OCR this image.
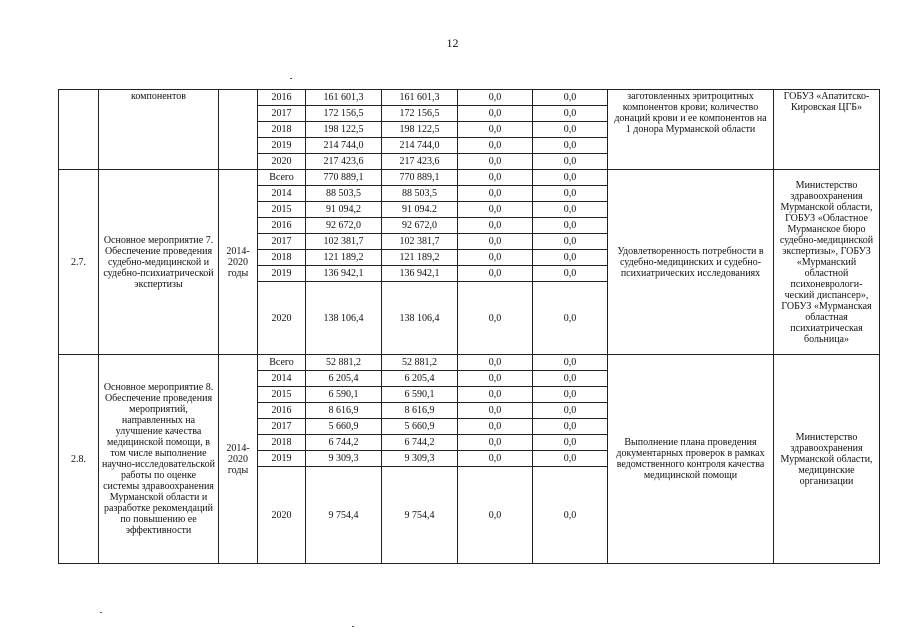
12
	компонентов		2016	161 601,3	161 601,3	0,0	0,0	заготовленных эритроцитных компонентов крови; количество донаций крови и ее компонентов на 1 донора Мурманской области	ГОБУЗ «Апатитско-Кировская ЦГБ»
			2017	172 156,5	172 156,5	0,0	0,0		
			2018	198 122,5	198 122,5	0,0	0,0		
			2019	214 744,0	214 744,0	0,0	0,0		
			2020	217 423,6	217 423,6	0,0	0,0		
2.7.	Основное мероприятие 7. Обеспечение проведения судебно-медицинской и судебно-психиатрической экспертизы	2014-2020 годы	Всего	770 889,1	770 889,1	0,0	0,0	Удовлетворенность потребности в судебно-медицинских и судебно-психиатрических исследованиях	Министерство здравоохранения Мурманской области, ГОБУЗ «Областное Мурманское бюро судебно-медицинской экспертизы», ГОБУЗ «Мурманский областной психоневрологи-ческий диспансер», ГОБУЗ «Мурманская областная психиатрическая больница»
			2014	88 503,5	88 503,5	0,0	0,0		
			2015	91 094,2	91 094.2	0,0	0,0		
			2016	92 672,0	92 672,0	0,0	0,0		
			2017	102 381,7	102 381,7	0,0	0,0		
			2018	121 189,2	121 189,2	0,0	0,0		
			2019	136 942,1	136 942,1	0,0	0,0		
			2020	138 106,4	138 106,4	0,0	0,0		
2.8.	Основное мероприятие 8. Обеспечение проведения мероприятий, направленных на улучшение качества медицинской помощи, в том числе выполнение научно-исследовательской работы по оценке системы здравоохранения Мурманской области и разработке рекомендаций по повышению ее эффективности	2014-2020 годы	Всего	52 881,2	52 881,2	0,0	0,0	Выполнение плана проведения документарных проверок в рамках ведомственного контроля качества медицинской помощи	Министерство здравоохранения Мурманской области, медицинские организации
			2014	6 205,4	6 205,4	0,0	0,0		
			2015	6 590,1	6 590,1	0,0	0,0		
			2016	8 616,9	8 616,9	0,0	0,0		
			2017	5 660,9	5 660,9	0,0	0,0		
			2018	6 744,2	6 744,2	0,0	0,0		
			2019	9 309,3	9 309,3	0,0	0,0		
			2020	9 754,4	9 754,4	0,0	0,0		
